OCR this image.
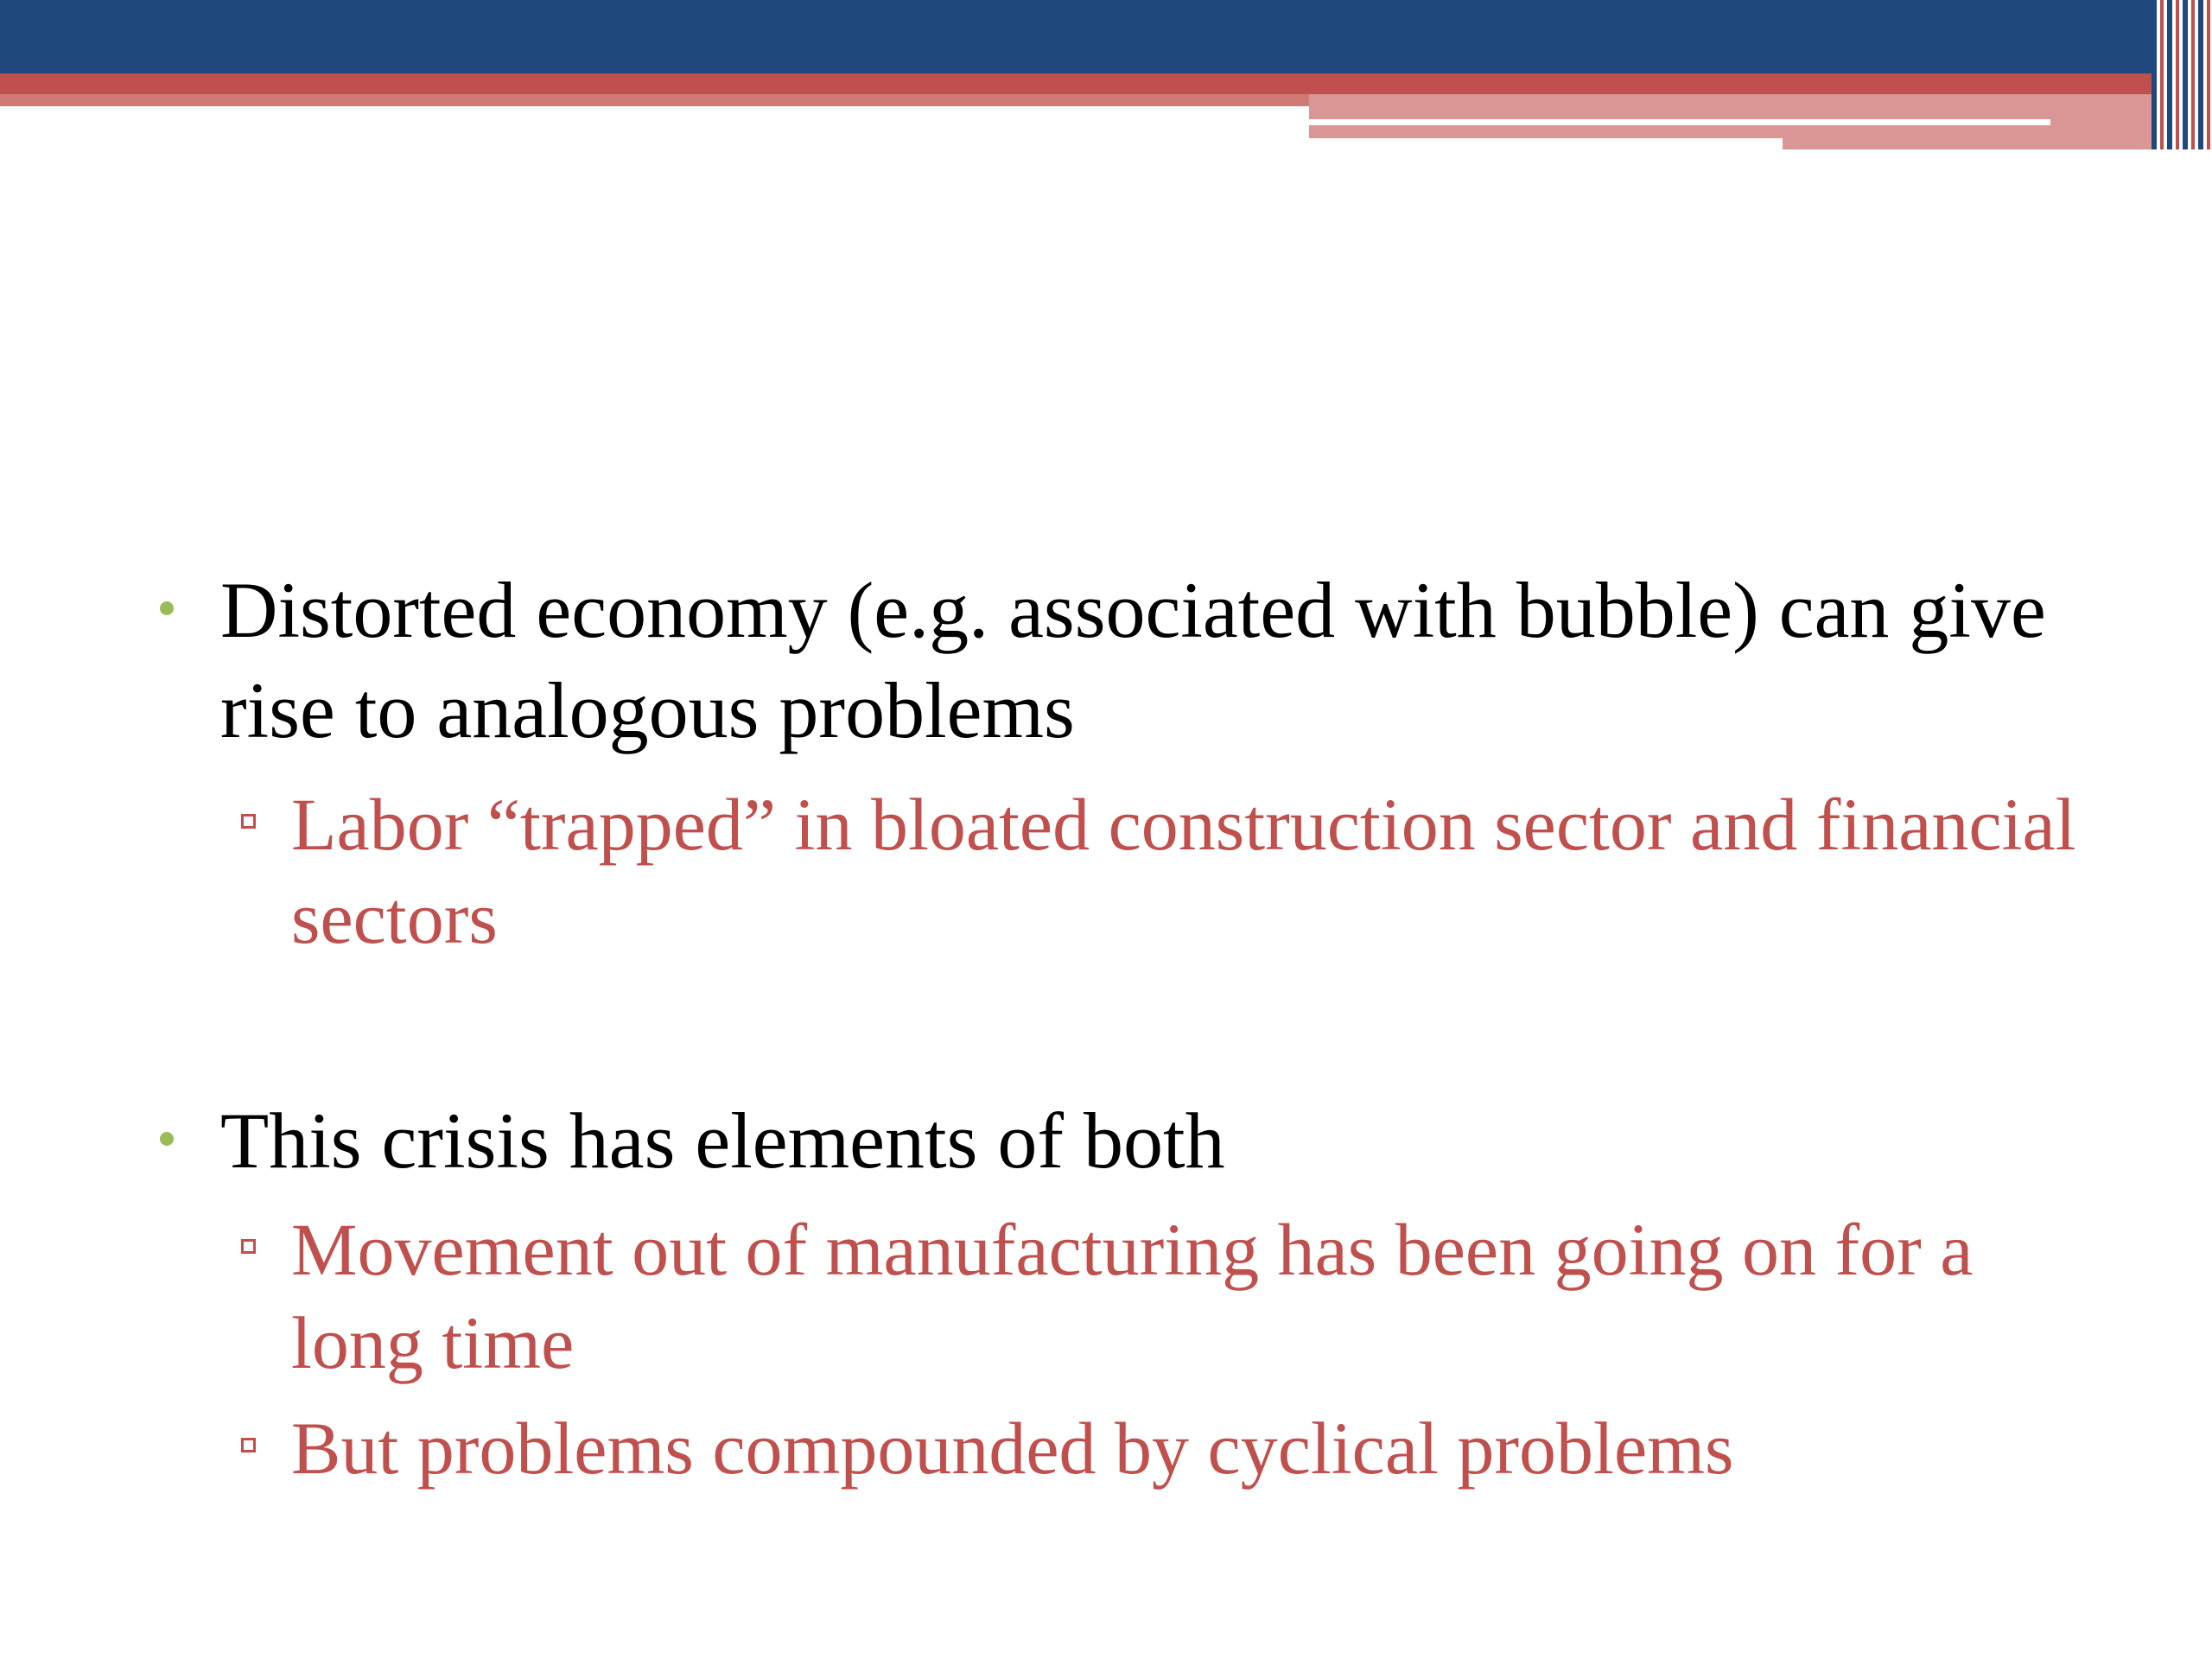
Distorted economy (e.g. associated with bubble) can give rise to analogous problems
Labor “trapped” in bloated construction sector and financial sectors
This crisis has elements of both
Movement out of manufacturing has been going on for a long time
But problems compounded by cyclical problems
